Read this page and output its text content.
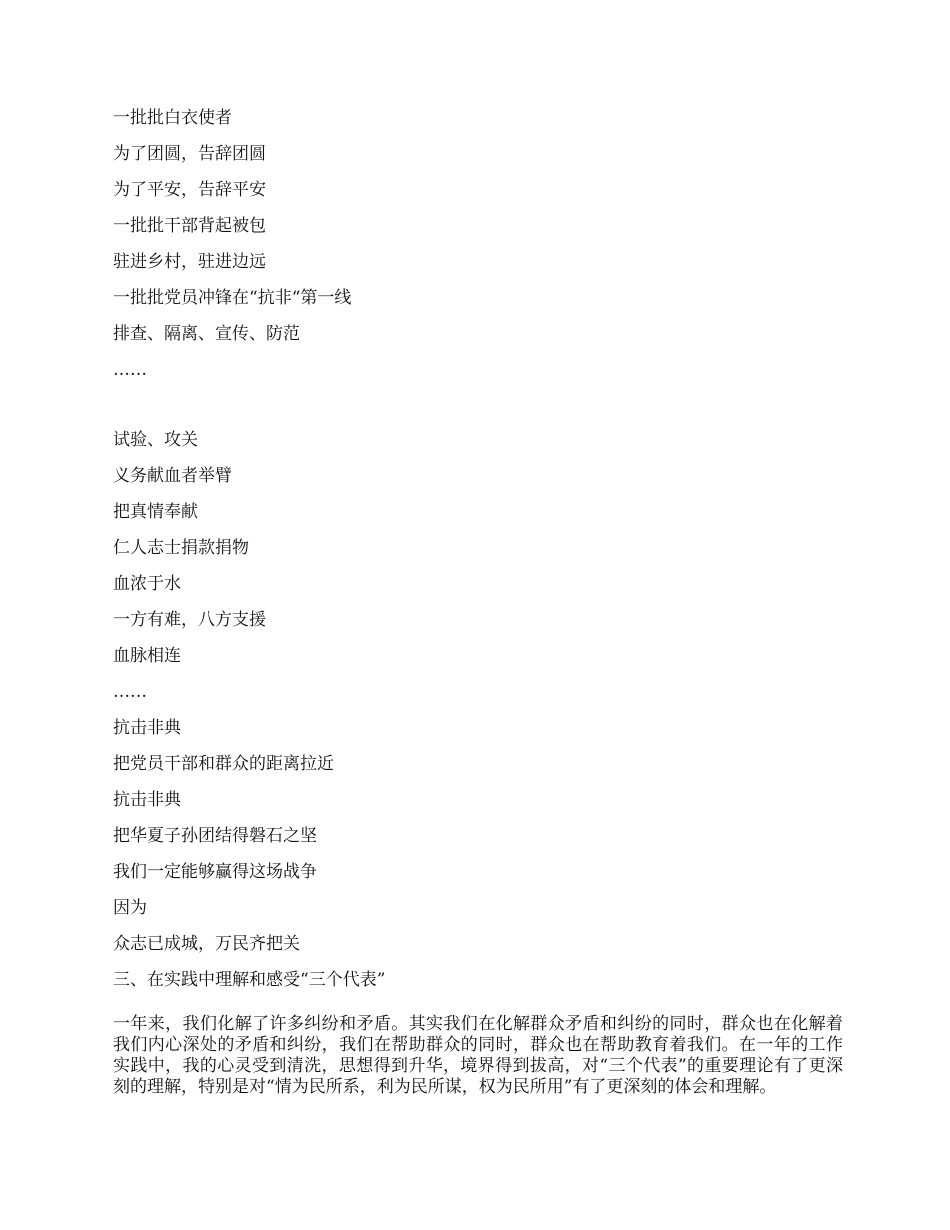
一批批白衣使者
为了团圆，告辞团圆
为了平安，告辞平安
一批批干部背起被包
驻进乡村，驻进边远
一批批党员冲锋在“抗非“第一线
排查、隔离、宣传、防范
……
试验、攻关
义务献血者举臂
把真情奉献
仁人志士捐款捐物
血浓于水
一方有难，八方支援
血脉相连
……
抗击非典
把党员干部和群众的距离拉近
抗击非典
把华夏子孙团结得磐石之坚
我们一定能够赢得这场战争
因为
众志已成城，万民齐把关
三、在实践中理解和感受“三个代表”
一年来，我们化解了许多纠纷和矛盾。其实我们在化解群众矛盾和纠纷的同时，群众也在化解着我们内心深处的矛盾和纠纷，我们在帮助群众的同时，群众也在帮助教育着我们。在一年的工作实践中，我的心灵受到清洗，思想得到升华，境界得到拔高，对“三个代表”的重要理论有了更深刻的理解，特别是对“情为民所系，利为民所谋，权为民所用”有了更深刻的体会和理解。
